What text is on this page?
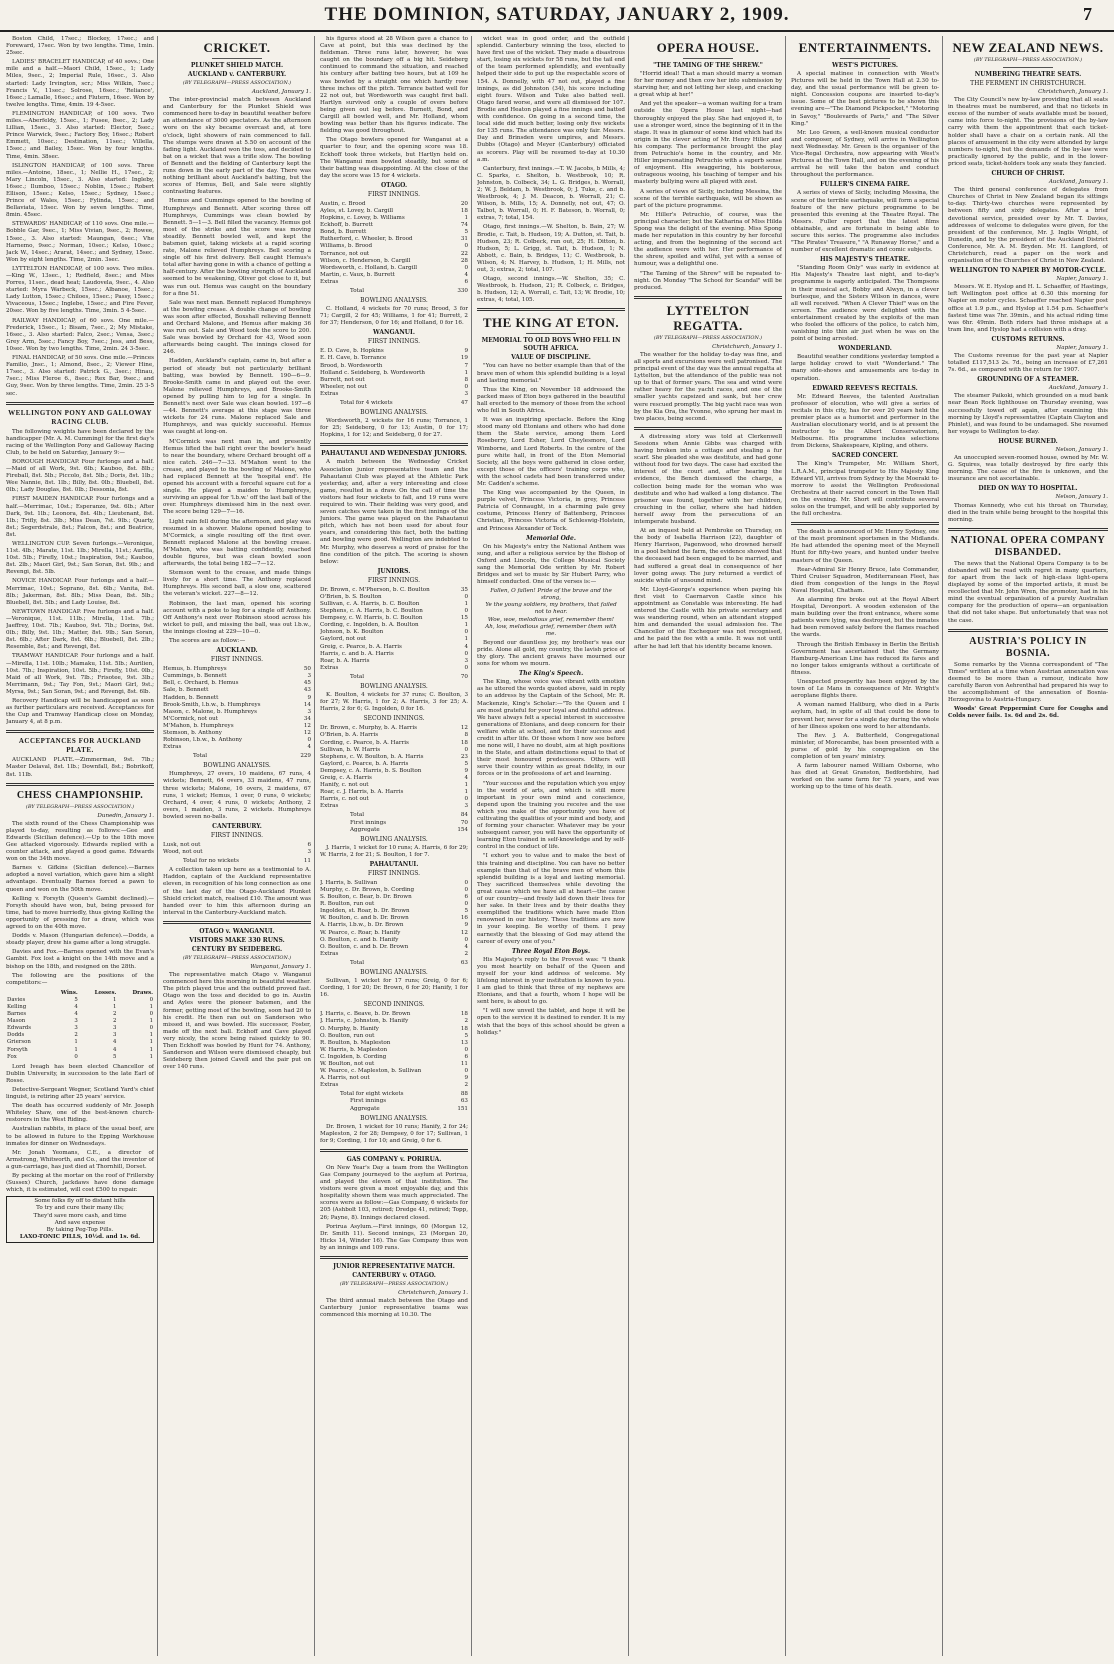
THE DOMINION, SATURDAY, JANUARY 2, 1909.	7
Boston Child, 17sec.; Blockey, 17sec.; and Foreward, 17sec. Won by two lengths. Time, 1min. 25sec.
LADIES' BRACELET HANDICAP, of 40 sovs.; One mile and a half.—Maori Child, 15sec., 1; Lady Miles, 9sec., 2; Imperial Rule, 16sec., 3. Also started: Lady Irvington, scr.; Miss Wilkin, 7sec.; Francis V., 11sec.; Solrose, 16sec.; 'Reliance', 16sec.; Lamalle, 16sec.; and Flutern, 16sec. Won by twelve lengths. Time, 4min. 19 4-5sec.
FLEMINGTON HANDICAP, of 100 sovs. Two miles.—Aberfeldy, 15sec., 1; Fusee, 8sec., 2; Lady Lillian, 15sec., 3. Also started: Elector, 5sec.; Prince Warwick, 9sec.; Factory Boy, 16sec.; Robert Emmett, 10sec.; Destination, 11sec.; Villella, 15sec.; and Bailey, 15sec. Won by four lengths. Time, 4min. 38sec.
ISLINGTON HANDICAP, of 100 sovs. Three miles.—Antoine, 18sec., 1; Nellie H., 17sec., 2; Mary Lincoln, 15sec., 3. Also started: Ingleby, 16sec.; Ilumboo, 15sec.; Noblin, 15sec.; Robert Ellison, 15sec.; Kelso, 15sec.; Sydney, 15sec.; Prince of Wales, 15sec.; Fylinda, 15sec.; and Bellaviata, 15sec. Won by seven lengths. Time, 8min. 45sec.
STEWARDS' HANDICAP, of 110 sovs. One mile.—Bobble Gar, 9sec., 1; Miss Vivian, 9sec., 2; Rowee, 15sec., 3. Also started: Maungan, 6sec.; Vhe Harnemo, 9sec.; Norman, 10sec.; Kelso, 10sec.; Jack W., 14sec.; Ararat, 14sec.; and Sydney, 15sec. Won by eight lengths. Time, 2min. 3sec.
LYTTELTON HANDICAP, of 100 sovs. Two miles.—King W., 13sec., 1; Redfield, 8sec.; and Miss Forres, 11sec., dead heat; Laudovela, 9sec., 4. Also started: Myra Warbeck, 15sec.; Albanoe, 15sec.; Lady Lutton, 15sec.; Chiloes, 15sec.; Passy, 15sec.; Vivaceous, 15sec.; Inglebe, 15sec.; and Fire Fever, 20sec. Won by five lengths. Time, 3min. 5 4-5sec.
RAILWAY HANDICAP, of 60 sovs. One mile.—Frederick, 15sec., 1; Bisam, 7sec., 2; My Mistake, 16sec., 3. Also started: Falco, 2sec.; Vensa, 3sec.; Grey Arm, 5sec.; Fancy Boy, 7sec.; Jess, and Bess, 10sec. Won by two lengths. Time, 2min. 24 3-5sec.
FINAL HANDICAP, of 50 sovs. One mile.—Princes Familio, Jnsc., 1; Almond, 8sec., 2; Viewer Hine, 17sec., 3. Also started: Patrick G., 3sec.; Hinau, 7sec.; Miss Fleroe 6., 8sec.; Rex Bar, 9sec.; and Guy, 9sec. Won by three lengths. Time, 2min. 25 3-5 sec.
WELLINGTON PONY AND GALLOWAY RACING CLUB.
The following weights have been declared by the handicapper (Mr. A. M. Cumming) for the first day's racing of the Wellington Pony and Galloway Racing Club, to be held on Saturday, January 9:—
BOROUGH HANDICAP. Four furlongs and a half.—Maid of all Work, 9st. 6lb.; Kauboo, 8st. 8lb.; Fireball, 8st. 5lb.; Piccolo, 8st. 5lb.; Doris, 8st. 1lb.; Wee Nannie, 8st. 1lb.; Billy, 8st. 0lb.; Bluebell, 8st. 0lb.; Lady Douglas, 8st. 0lb.; Dessonia, 8st.
FIRST MAIDEN HANDICAP. Four furlongs and a half.—Merrimac, 10st.; Esperanze, 9st. 6lb.; After Dark, 9st. 1lb.; Leonora, 8st. 4lb.; Lieutenant, 8st. 1lb.; Trifly, 8st. 3lb.; Miss Dean, 7st. 9lb.; Quarty, 8st.; Segerdstrale, 8st.; Falcon, 8st.; and Beatrice, 8st.
WELLINGTON CUP. Seven furlongs.—Veronique, 11st. 4lb.; Marate, 11st. 1lb.; Mirella, 11st.; Aurilla, 10st. 5lb.; Firefly, 10st.; Inspiration, 9st.; Kauboo, 8st. 2lb.; Maori Girl, 9st.; San Soran, 8st. 9lb.; and Revengi, 8st. 5lb.
NOVICE HANDICAP. Four furlongs and a half.—Merrimac, 10st.; Soprano, 8st. 6lb.; Vanita, 8st. 8lb.; Jakerman, 8st. 8lb.; Miss Dean, 8st. 5lb.; Bluebell, 8st. 5lb.; and Lady Louise, 8st.
NEWTOWN HANDICAP. Five furlongs and a half.—Veronique, 11st. 11lb.; Mirella, 11st. 7lb.; Jaeffrey, 10st. 7lb.; Kauboo, 9st. 7lb.; Dorins, 9st. 0lb.; Billy, 9st. 1lb.; Matter, 8st. 9lb.; San Soran, 8st. 6lb.; After Dark, 8st. 6lb.; Bluebell, 8st. 2lb.; Resemble, 8st.; and Revengi, 8st.
TRAMWAY HANDICAP. Four furlongs and a half.—Mirella, 11st. 10lb.; Mamaku, 11st. 5lb.; Aurilien, 10st. 7lb.; Inspiration, 10st. 5lb.; Firefly, 10st. 0lb.; Maid of all Work, 9st. 7lb.; Frisotee, 9st. 3lb.; Merrimann, 9st.; Tay Fon, 9st.; Maori Girl, 9st.; Myrsa, 9st.; San Soran, 9st.; and Revengi, 8st. 6lb.
Recovery Handicap will be handicapped as soon as further particulars are received. Acceptances for the Cup and Tramway Handicap close on Monday, January 4, at 8 p.m.
ACCEPTANCES FOR AUCKLAND PLATE.
AUCKLAND PLATE.—Zimmerman, 9st. 7lb.; Master Delaval, 8st. 1lb.; Downfall, 8st.; Bobrikoff, 8st. 11lb.
CHESS CHAMPIONSHIP.
(BY TELEGRAPH—PRESS ASSOCIATION.)
Dunedin, January 1.
The sixth round of the Chess Championship was played to-day, resulting as follows:—Gee and Edwards (Sicilian defence).—Up to the 18th move Gee attacked vigorously. Edwards replied with a counter attack, and played a good game. Edwards won on the 34th move.
Barnes v. Gifkins (Sicilian defence).—Barnes adopted a novel variation, which gave him a slight advantage. Eventually Barnes forced a pawn to queen and won on the 50th move.
Kelling v. Forsyth (Queen's Gambit declined).—Forsyth should have won, but, being pressed for time, had to move hurriedly, thus giving Kelling the opportunity of pressing for a draw, which was agreed to on the 40th move.
Dodds v. Mason (Hungarian defence).—Dodds, a steady player, drew his game after a long struggle.
Davies and Fox.—Barnes opened with the Evan's Gambit. Fox lost a knight on the 14th move and a bishop on the 18th, and resigned on the 28th.
The following are the positions of the competitors:—
	Wins.	Losses.	Draws.
Davies	5	1	0
Kelling	4	1	1
Barnes	4	2	0
Mason	3	2	1
Edwards	3	3	0
Dodds	2	3	1
Grierson	1	4	1
Forsyth	1	4	1
Fox	0	5	1
Lord Iveagh has been elected Chancellor of Dublin University, in succession to the late Earl of Rosse.
Detective-Sergeant Wegner, Scotland Yard's chief linguist, is retiring after 25 years' service.
The death has occurred suddenly of Mr. Joseph Whiteley Shaw, one of the best-known church-restorers in the West Riding.
Australian rabbits, in place of the usual beef, are to be allowed in future to the Epping Workhouse inmates for dinner on Wednesdays.
Mr. Jonah Yeomans, C.E., a director of Armstrong, Whitworth, and Co., and the inventor of a gun-carriage, has just died at Thornhill, Dorset.
By pecking at the mortar on the roof of Frillersby (Sussex) Church, jackdaws have done damage which, it is estimated, will cost £500 to repair.
Some folks fly off to distant hills
To try and cure their many ills;
They'd save more cash, and time
And save expense
By taking Peg-Top Pills.
LAXO-TONIC PILLS, 10½d. and 1s. 6d.
CRICKET.
PLUNKET SHIELD MATCH.
AUCKLAND v. CANTERBURY.
(BY TELEGRAPH—PRESS ASSOCIATION.)
Auckland, January 1.
The inter-provincial match between Auckland and Canterbury for the Plunket Shield was commenced here to-day in beautiful weather before an attendance of 3000 spectators. As the afternoon wore on the sky became overcast and, at tore o'clock, light showers of rain commenced to fall. The stumps were drawn at 5.50 on account of the fading light. Auckland won the toss, and decided to bat on a wicket that was a trifle slow. The bowling of Bennett and the fielding of Canterbury kept the runs down in the early part of the day. There was nothing brilliant about Auckland's batting, but the scores of Hemus, Bell, and Sale were slightly contrasting features.
Hemus and Cummings opened to the bowling of Humphreys and Bennett. After scoring three off Humphreys, Cummings was clean bowled by Bennett. 5—1—3. Bell filled the vacancy. Hemus got most of the strike and the score was moving steadily. Bennett bowled well, and kept the batsmen quiet, taking wickets at a rapid scoring rate, Malone relieved Humphreys. Bell scoring a single off his first delivery. Bell caught Hemus's total after having gone in with a chance of getting a half-century. After the bowling strength of Auckland seemed to be weakening, Oliver got close to it, but was run out. Hemus was caught on the boundary for a fine 51.
Sale was next man. Bennett replaced Humphreys at the bowling crease. A double change of bowling was soon after effected, Boxshall relieving Bennett and Orchard Malone, and Hemus after making 36 was run out. Sale and Wood took the score to 200. Sale was bowled by Orchard for 43, Wood soon afterwards being caught. The innings closed for 246.
Hadden, Auckland's captain, came in, but after a period of steady but not particularly brilliant batting, was bowled by Bennett. 190—6—9. Brooke-Smith came in and played out the over. Malone relieved Humphreys, and Brooke-Smith opened by pulling him to leg for a single. In Bennett's next over Sale was clean bowled. 197—6—44. Bennett's average at this stage was three wickets for 24 runs. Malone replaced Sale and Humphreys, and was quickly successful. Hemus was caught at long-on.
M'Cormick was next man in, and presently Hemus lifted the ball right over the bowler's head to near the boundary, where Orchard brought off a nice catch. 246—7—33. M'Mahon went to the crease, and played to the bowling of Malone, who had replaced Bennett at the 'hospital end'. He opened his account with a forceful square cut for a single. He played a maiden to Humphreys, surviving an appeal for 'l.b.w.' off the last ball of the over. Humphreys dismissed him in the next over. The score being 129—7—16.
Light rain fell during the afternoon, and play was resumed in a shower. Malone opened bowling to M'Cormick, a single resulting off the first over. Bennett replaced Malone at the bowling crease. M'Mahon, who was batting confidently, reached double figures, but was clean bowled soon afterwards, the total being 182—7—12.
Stemson went to the crease, and made things lively for a short time. The Anthony replaced Humphreys. His second ball, a slow one, scattered the veteran's wicket. 227—8—12.
Robinson, the last man, opened his scoring account with a poke to leg for a single off Anthony. Off Anthony's next over Robinson stood across his wicket to pull, and missing the ball, was out l.b.w., the innings closing at 229—10—0.
The scores are as follow:—
AUCKLAND.
FIRST INNINGS.
Hemus, b. Humphreys	50
Cummings, b. Bennett	3
Bell, c. Orchard, b. Hemus	45
Sale, b. Bennett	43
Hadden, b. Bennett	9
Brook-Smith, l.b.w., b. Humphreys	14
Mason, c. Malone, b. Humphreys	3
M'Cormick, not out	34
M'Mahon, b. Humphreys	12
Stemson, b. Anthony	12
Robinson, l.b.w., b. Anthony	0
Extras	4
Total	229
BOWLING ANALYSIS.
Humphreys, 27 overs, 10 maidens, 67 runs, 4 wickets; Bennett, 64 overs, 33 maidens, 47 runs, three wickets; Malone, 16 overs, 2 maidens, 67 runs, 1 wicket; Hemus, 1 over, 0 runs, 0 wickets; Orchard, 4 over, 4 runs, 0 wickets; Anthony, 2 overs, 1 maiden, 3 runs, 2 wickets. Humphreys bowled seven no-balls.
CANTERBURY.
FIRST INNINGS.
Lusk, not out	6
Wood, not out	3
Total for no wickets	11
A collection taken up here as a testimonial to A. Haddon, captain of the Auckland representative eleven, in recognition of his long connection as one of the last day of the Otago-Auckland Plunket Shield cricket match, realised £10. The amount was handed over to him this afternoon during an interval in the Canterbury-Auckland match.
OTAGO v. WANGANUI.
VISITORS MAKE 330 RUNS.
CENTURY BY SEIDEBERG.
(BY TELEGRAPH—PRESS ASSOCIATION.)
Wanganui, January 1.
The representative match Otago v. Wanganui commenced here this morning in beautiful weather. The pitch played true and the outfield proved fast. Otago won the toss and decided to go in. Austin and Ayles were the pioneer batsmen, and the former, getting most of the bowling, soon had 20 to his credit. He then ran out on Sanderson who missed it, and was bowled. His successor, Foster, made off the next ball. Eckhoff and Cave played very nicely, the score being raised quickly to 90. Then Eckhoff was bowled by Hunt for 74. Anthony, Sanderson and Wilson were dismissed cheaply, but Seideberg then joined Cavell and the pair put on over 140 runs.
his figures stood at 28 Wilson gave a chance to Cave at point, but this was declined by the fieldsman. Three runs later, however, he was caught on the boundary off a big hit. Seideberg continued to command the situation, and reached his century after batting two hours, but at 109 he was bowled by a straight one which hardly rose three inches off the pitch. Terrance batted well for 22 not out, but Wordsworth was caught first ball. Hartlyn survived only a couple of overs before being given out leg before. Burnett, Bond, and Cargill all bowled well, and Mr. Holland, whom bowling was better than his figures indicate. The fielding was good throughout.
The Otago bowlers opened for Wanganui at a quarter to four, and the opening score was 18. Eckhoff took three wickets, but Hartlyn held on. The Wanganui men bowled steadily, but some of their batting was disappointing. At the close of the day the score was 15 for 4 wickets.
OTAGO.
FIRST INNINGS.
Austin, c. Brood	20
Ayles, st. Lovey, b. Cargill	18
Hopkins, c. Lovey, b. Williams	1
Eckhoff, b. Burrett	74
Bond, b. Burrett	5
Rutherford, c. Wheeler, b. Brood	31
Williams, b. Brood	0
Torrance, not out	22
Wilson, c. Henderson, b. Cargill	28
Wordsworth, c. Holland, b. Cargill	0
Martin, c. Vaux, b. Burrett	4
Extras	6
Total	330
BOWLING ANALYSIS.
C. Holland, 4 wickets for 70 runs; Brood, 3 for 71; Cargill, 2 for 45; Williams, 1 for 41; Burrett, 2 for 37; Henderson, 0 for 16; and Holland, 0 for 16.
WANGANUI.
FIRST INNINGS.
E. D. Cave, b. Hopkins	9
E. H. Cave, b. Torrance	19
Brood, b. Wordsworth	7
Holland c. Seideberg, b. Wordsworth	1
Burrett, not out	8
Wheeler, not out	0
Extras	3
Total for 4 wickets	47
BOWLING ANALYSIS.
Wordsworth, 2 wickets for 16 runs; Torrance, 1 for 25; Seideberg, 0 for 13; Austin, 0 for 17; Hopkins, 1 for 12; and Seideberg, 0 for 27.
PAHAUTANUI AND WEDNESDAY JUNIORS.
A match between the Wednesday Cricket Association junior representative team and the Pahautanui Club was played at the Athletic Park yesterday, and, after a very interesting and close game, resulted in a draw. On the call of time the visitors had four wickets to fall, and 19 runs were required to win. Their fielding was very good, and seven catches were taken in the first innings of the Juniors. The game was played on the Pahautanui pitch, which has not been used for about four years, and considering this fact, both the batting and bowling were good. Wellington are indebted to Mr. Murphy, who deserves a word of praise for the fine condition of the pitch. The scoring is shown below:
JUNIORS.
FIRST INNINGS.
Dr. Brown, c. M'Pherson, b. C. Boulton	35
O'Brien, b. S. Boulton	0
Sullivan, c. A. Harris, b. C. Boulton	1
Stephens, c. A. Harris, b. C. Boulton	0
Dempsey, c. W. Harris, b. C. Boulton	15
Cording, c. Ingolden, b. A. Boulton	1
Johnson, b. K. Boulton	0
Gaylord, not out	1
Greig, c. Pearce, b. A. Harris	4
Harris, c. and b. A. Harris	0
Roar, b. A. Harris	3
Extras	0
Total	70
BOWLING ANALYSIS.
K. Boulton, 4 wickets for 37 runs; C. Boulton, 3 for 27; W. Harris, 1 for 2; A. Harris, 3 for 25; A. Harris, 2 for 6; G. Ingolden, 0 for 16.
SECOND INNINGS.
Dr. Brown, c. Murphy, b. A. Harris	12
O'Brien, b. A. Harris	8
Cording, c. Pearce, b. A. Harris	18
Sullivan, b. W. Harris	0
Stephens, c. W. Boulton, b. A. Harris	23
Gaylord, c. Pearce, b. A. Harris	5
Dempsey, c. A. Harris, b. S. Boulton	9
Greig, c. A. Harris	4
Hanify, c. not out	1
Roar, c. J. Harris, b. A. Harris	1
Harris, c. not out	0
Extras	3
Total	84
First innings	70
Aggregate	154
BOWLING ANALYSIS.
J. Harris, 1 wicket for 10 runs; A. Harris, 6 for 29; W. Harris, 2 for 21; S. Boulton, 1 for 7.
PAHAUTANUI.
FIRST INNINGS.
J. Harris, b. Sullivan	0
Murphy, c. Dr. Brown, b. Cording	0
S. Boulton, c. Bear, b. Dr. Brown	6
R. Boulton, run out	0
Ingolden, st. Roar, b. Dr. Brown	5
W. Boulton, c. and b. Dr. Brown	16
A. Harris, l.b.w., b. Dr. Brown	9
W. Pearce, c. Roar, b. Hanify	12
O. Boulton, c. and b. Hanify	0
O. Boulton, c. and b. Dr. Brown	4
Extras	2
Total	63
BOWLING ANALYSIS.
Sullivan, 1 wicket for 17 runs; Greig, 0 for 6; Cording, 1 for 20; Dr. Brown, 6 for 20; Hanify, 1 for 16.
SECOND INNINGS.
J. Harris, c. Beave, b. Dr. Brown	18
J. Harris, c. Johnston, b. Hanify	2
O. Murphy, b. Hanify	18
O. Boulton, run out	5
R. Boulton, b. Mapleston	13
W. Harris, b. Mapleston	0
C. Ingolden, b. Cording	6
W. Boulton, not out	11
W. Pearce, c. Mapleston, b. Sullivan	0
A. Harris, not out	9
Extras	2
Total for eight wickets	88
First innings	63
Aggregate	151
BOWLING ANALYSIS.
Dr. Brown, 1 wicket for 10 runs; Hanify, 2 for 24; Mapleston, 2 for 28; Dempsey, 0 for 17; Sullivan, 1 for 9; Cording, 1 for 10; and Greig, 0 for 6.
GAS COMPANY v. PORIRUA.
On New Year's Day a team from the Wellington Gas Company journeyed to the asylum at Porirua, and played the eleven of that institution. The visitors were given a most enjoyable day, and this hospitality shown them was much appreciated. The scores were as follow:—Gas Company, 6 wickets for 205 (Ashbolt 103, retired; Dredge 41, retired; Topp, 26; Payne, 8). Innings declared closed.
Porirua Asylum.—First innings, 60 (Morgan 12, Dr. Smith 11). Second innings, 23 (Morgan 20, Hicks 14, Winder 16). The Gas Company thus won by an innings and 109 runs.
JUNIOR REPRESENTATIVE MATCH.
CANTERBURY v. OTAGO.
(BY TELEGRAPH—PRESS ASSOCIATION.)
Christchurch, January 1.
The third annual match between the Otago and Canterbury junior representative teams was commenced this morning at 10.30. The
wicket was in good order, and the outfield splendid. Canterbury winning the toss, elected to have first use of the wicket. They made a disastrous start, losing six wickets for 58 runs, but the tail end of the team performed splendidly, and eventually helped their side to put up the respectable score of 154. A. Donnelly, with 47 not out, played a fine innings, as did Johnston (34), his score including eight fours. Wilson and Tuke also batted well. Otago fared worse, and were all dismissed for 107. Brodie and Heaton played a fine innings and batted with confidence. On going in a second time, the local side did much better, losing only five wickets for 135 runs. The attendance was only fair. Messrs. Day and Brinsden were umpires, and Messrs. Dubbs (Otago) and Meyer (Canterbury) officiated as scorers. Play will be resumed to-day at 10.30 a.m.
Canterbury, first innings.—T. W. Jacobs, b Mills, 4; C. Sparks, c. Shelton, b. Westbrook, 10; R. Johnston, b. Colbeck, 34; L. G. Bridges, b. Worrall, 2; W. J. Beldam, b. Westbrook, 0; J. Tuke, c. and b. Westbrook, 4; J. M. Deacon, b. Worrall, 21; C. Wilson, b. Mills, 15; A. Donnelly, not out, 47; O. Talbot, b. Worrall, 0; H. F. Bateson, b. Worrall, 0; extras, 7; total, 154.
Otago, first innings.—W. Shelton, b. Bain, 27; W. Brodie, c. Tait, b. Hudson, 19; A. Dutton, st. Tait, b. Hudson, 23; R. Colbeck, run out, 25; H. Ditton, b. Hudson, 5; L. Grigg, st. Tait, b. Hudson, 1; N. Abbott, c. Bain, b. Bridges, 11; C. Westbrook, b. Wilson, 4; N. Harvey, b. Hudson, 1; H. Mills, not out, 3; extras, 2; total, 107.
Otago, second innings.—W. Shelton, 35; C. Westbrook, b. Hudson, 21; R. Colbeck, c. Bridges, b. Hudson, 12; A. Worrall, c. Tait, 13; W. Brodie, 10; extras, 4; total, 105.
THE KING AT ETON.
MEMORIAL TO OLD BOYS WHO FELL IN SOUTH AFRICA.
VALUE OF DISCIPLINE.
"You can have no better example than that of the brave men of whom this splendid building is a loyal and lasting memorial."
Thus the King, on November 18 addressed the packed mass of Eton boys gathered in the beautiful hall erected to the memory of those from the school who fell in South Africa.
It was an inspiring spectacle. Before the King stood many old Etonians and others who had done them the State service, among them Lord Roseberry, Lord Esher, Lord Cheylesmore, Lord Wimborne, and Lord Roberts. In the centre of the pure white hall, in front of the Eton Memorial Society, all the boys were gathered in close order, except those of the officers' training corps who, with the school cadets had been transferred under Mr. Cadden's scheme.
The King was accompanied by the Queen, in purple velvet, Princess Victoria, in grey, Princess Patricia of Connaught, in a charming pale grey costume, Princess Henry of Battenberg, Princess Christian, Princess Victoria of Schleswig-Holstein, and Princess Alexander of Teck.
Memorial Ode.
On his Majesty's entry the National Anthem was sung, and after a religious service by the Bishop of Oxford and Lincoln, the College Musical Society sang the Memorial Ode written by Mr. Robert Bridges and set to music by Sir Hubert Parry, who himself conducted. One of the verses is:—
Fallen, O fallen! Pride of the brave and the strong,
Ye the young soldiers, my brothers, that failed not to hear.
Woe, woe, melodious grief, remember them!
Ah, low, melodious grief, remember them with me.
Beyond our dauntless joy, my brother's was our pride. Alone all gold, my country, the lavish price of thy glory. The ancient graves have mourned our sons for whom we mourn.
The King's Speech.
The King, whose voice was vibrant with emotion as he uttered the words quoted above, said in reply to an address by the Captain of the School, Mr. R. Mackenzie, King's Scholar:—"To the Queen and I are most grateful for your loyal and dutiful address. We have always felt a special interest in successive generations of Etonians, and deep concern for their welfare while at school, and for their success and credit in after life. Of those whom I now see before me none will, I have no doubt, aim at high positions in the State, and attain distinctions equal to that of their most honoured predecessors. Others will serve their country within as great fidelity, in our forces or in the professions of art and learning.
"Your success and the reputation which you enjoy in the world of arts, and which is still more important in your own mind and conscience, depend upon the training you receive and the use which you make of the opportunity you have of cultivating the qualities of your mind and body, and of forming your character. Whatever may be your subsequent career, you will have the opportunity of learning Eton trained in self-knowledge and by self-control in the conduct of life.
"I exhort you to value and to make the best of this training and discipline. You can have no better example than that of the brave men of whom this splendid building is a loyal and lasting memorial. They sacrificed themselves while devoting the great cause which we have all at heart—the cause of our country—and freely laid down their lives for her sake. In their lives and by their deaths they exemplified the traditions which have made Eton renowned in our history. These traditions are now in your keeping. Be worthy of them. I pray earnestly that the blessing of God may attend the career of every one of you."
Three Royal Eton Boys.
His Majesty's reply to the Provost was: "I thank you most heartily on behalf of the Queen and myself for your kind address of welcome. My lifelong interest in your institution is known to you. I am glad to think that three of my nephews are Etonians, and that a fourth, whom I hope will be sent here, is about to go.
"I will now unveil the tablet, and hope it will be open to the service it is destined to render. It is my wish that the boys of this school should be given a holiday."
OPERA HOUSE.
"THE TAMING OF THE SHREW."
"Horrid ideal! That a man should marry a woman for her money and then cow her into submission by starving her, and not letting her sleep, and cracking a great whip at her!"
And yet the speaker—a woman waiting for a tram outside the Opera House last night—had thoroughly enjoyed the play. She had enjoyed it, to use a stronger word, since the beginning of it in the stage. It was in glamour of some kind which had its origin in the clever acting of Mr. Henry Hiller and his company. The performance brought the play from Petruchio's home in the country, and Mr. Hiller impersonating Petruchio with a superb sense of enjoyment. His swaggering, his boisterous, outrageous wooing, his teaching of temper and his masterly bullying were all played with zest.
A series of views of Sicily, including Messina, the scene of the terrible earthquake, will be shown as part of the picture programme.
Mr. Hiller's Petruchio, of course, was the principal character; but the Katharina of Miss Hilda Spong was the delight of the evening. Miss Spong made her reputation in this country by her forceful acting, and from the beginning of the second act the audience were with her. Her performance of the shrew, spoiled and wilful, yet with a sense of humour, was a delightful one.
"The Taming of the Shrew" will be repeated to-night. On Monday "The School for Scandal" will be produced.
LYTTELTON REGATTA.
(BY TELEGRAPH—PRESS ASSOCIATION.)
Christchurch, January 1.
The weather for the holiday to-day was fine, and all sports and excursions were well patronised. The principal event of the day was the annual regatta at Lyttelton, but the attendance of the public was not up to that of former years. The sea and wind were rather heavy for the yacht races, and one of the smaller yachts capsized and sank, but her crew were rescued promptly. The big yacht race was won by the Kia Ora, the Yvonne, who sprung her mast in two places, being second.
A distressing story was told at Clerkenwell Sessions when Annie Gibbs was charged with having broken into a cottage and stealing a fur scarf. She pleaded she was destitute, and had gone without food for two days. The case had excited the interest of the court and, after hearing the evidence, the Bench dismissed the charge, a collection being made for the woman who was destitute and who had walked a long distance. The prisoner was found, together with her children, crouching in the cellar, where she had hidden herself away from the persecutions of an intemperate husband.
At an inquest held at Pembroke on Thursday, on the body of Isabella Harrison (22), daughter of Henry Harrison, Pagenwood, who drowned herself in a pool behind the farm, the evidence showed that the deceased had been engaged to be married, and had suffered a great deal in consequence of her lover going away. The jury returned a verdict of suicide while of unsound mind.
Mr. Lloyd-George's experience when paying his first visit to Caernarvon Castle since his appointment as Constable was interesting. He had entered the Castle with his private secretary and was wandering round, when an attendant stopped him and demanded the usual admission fee. The Chancellor of the Exchequer was not recognised, and he paid the fee with a smile. It was not until after he had left that his identity became known.
ENTERTAINMENTS.
WEST'S PICTURES.
A special matinee in connection with West's Pictures will be held in the Town Hall at 2.30 to-day, and the usual performance will be given to-night. Concession coupons are inserted to-day's issue. Some of the best pictures to be shown this evening are—"The Diamond Pickpocket," "Motoring in Savoy," "Boulevards of Paris," and "The Silver King."
Mr. Leo Green, a well-known musical conductor and composer, of Sydney, will arrive in Wellington next Wednesday. Mr. Green is the organiser of the Vice-Regal Orchestra, now appearing with West's Pictures at the Town Hall, and on the evening of his arrival he will take the baton and conduct throughout the performance.
FULLER'S CINEMA FAIRE.
A series of views of Sicily, including Messina, the scene of the terrible earthquake, will form a special feature of the new picture programme to be presented this evening at the Theatre Royal. The Messrs. Fuller report that the latest films obtainable, and are fortunate in being able to secure this series. The programme also includes "The Pirates' Treasure," "A Runaway Horse," and a number of excellent dramatic and comic subjects.
HIS MAJESTY'S THEATRE.
"Standing Room Only" was early in evidence at His Majesty's Theatre last night, and to-day's programme is eagerly anticipated. The Thompsons in their musical act, Bobby and Alwyn, in a clever burlesque, and the Sisters Wilson in dances, were all well received. "When A Clever Thief" was on the screen. The audience were delighted with the entertainment created by the exploits of the man who fooled the officers of the police, to catch him, vanishing into thin air just when he was on the point of being arrested.
WONDERLAND.
Beautiful weather conditions yesterday tempted a large holiday crowd to visit "Wonderland." The many side-shows and amusements are to-day in operation.
EDWARD REEVES'S RECITALS.
Mr. Edward Reeves, the talented Australian professor of elocution, who will give a series of recitals in this city, has for over 20 years held the premier place as a humorist and performer in the Australian elocutionary world, and is at present the instructor to the Albert Conservatorium, Melbourne. His programme includes selections from Dickens, Shakespeare, Kipling, and others.
SACRED CONCERT.
The King's Trumpeter, Mr. William Short, L.R.A.M., principal trumpeter to His Majesty King Edward VII, arrives from Sydney by the Moeraki to-morrow to assist the Wellington Professional Orchestra at their sacred concert in the Town Hall on the evening. Mr. Short will contribute several solos on the trumpet, and will be ably supported by the full orchestra.
The death is announced of Mr. Henry Sydney, one of the most prominent sportsmen in the Midlands. He had attended the opening meet of the Meynell Hunt for fifty-two years, and hunted under twelve masters of the Queen.
Rear-Admiral Sir Henry Bruce, late Commander, Third Cruiser Squadron, Mediterranean Fleet, has died from congestion of the lungs in the Royal Naval Hospital, Chatham.
An alarming fire broke out at the Royal Albert Hospital, Devonport. A wooden extension of the main building over the front entrance, where some patients were lying, was destroyed, but the inmates had been removed safely before the flames reached the wards.
Through the British Embassy in Berlin the British Government has ascertained that the Germany Hamburg-American Line has reduced its fares and no longer takes emigrants without a certificate of fitness.
Unexpected prosperity has been enjoyed by the town of Le Mans in consequence of Mr. Wright's aeroplane flights there.
A woman named Haliburg, who died in a Paris asylum, had, in spite of all that could be done to prevent her, never for a single day during the whole of her illness spoken one word to her attendants.
The Rev. J. A. Butterfield, Congregational minister, of Morecambe, has been presented with a purse of gold by his congregation on the completion of ten years' ministry.
A farm labourer named William Osborne, who has died at Great Granston, Bedfordshire, had worked on the same farm for 73 years, and was working up to the time of his death.
NEW ZEALAND NEWS.
(BY TELEGRAPH—PRESS ASSOCIATION.)
NUMBERING THEATRE SEATS.
THE FERMENT IN CHRISTCHURCH.
Christchurch, January 1.
The City Council's new by-law providing that all seats in theatres must be numbered, and that no tickets in excess of the number of seats available must be issued, came into force to-night. The provisions of the by-law carry with them the appointment that each ticket-holder shall have a chair on a certain rank. All the places of amusement in the city were attended by large numbers to-night, but the demands of the by-law were practically ignored by the public, and in the lower-priced seats, ticket-holders took any seats they fancied.
CHURCH OF CHRIST.
Auckland, January 1.
The third general conference of delegates from Churches of Christ in New Zealand began its sittings to-day. Thirty-two churches were represented by between fifty and sixty delegates. After a brief devotional service, presided over by Mr. T. Davies, addresses of welcome to delegates were given, for the president of the conference, Mr. J. Inglis Wright, of Dunedin, and by the president of the Auckland District Conference, Mr. A. M. Bryden. Mr. H. Langford, of Christchurch, read a paper on the work and organisation of the Churches of Christ in New Zealand.
WELLINGTON TO NAPIER BY MOTOR-CYCLE.
Napier, January 1.
Messrs. W. E. Hyslop and H. L. Schaeffer, of Hastings, left Wellington post office at 6.30 this morning for Napier on motor cycles. Schaeffer reached Napier post office at 1.9 p.m., and Hyslop at 1.54 p.m. Schaeffer's fastest time was 7hr. 39min., and his actual riding time was 6hr. 49min. Both riders had three mishaps at a tram line, and Hyslop had a collision with a dray.
CUSTOMS RETURNS.
Napier, January 1.
The Customs revenue for the past year at Napier totalled £117,513 2s. 7d., being an increase of £7,261 7s. 6d., as compared with the return for 1907.
GROUNDING OF A STEAMER.
Auckland, January 1.
The steamer Paikoki, which grounded on a mud bank near Bean Rock lighthouse on Thursday evening, was successfully towed off again, after examining this morning by Lloyd's representative (Captain Clayton and Phinlet), and was found to be undamaged. She resumed her voyage to Wellington to-day.
HOUSE BURNED.
Nelson, January 1.
An unoccupied seven-roomed house, owned by Mr. W. G. Squires, was totally destroyed by fire early this morning. The cause of the fire is unknown, and the insurance are not ascertainable.
DIED ON WAY TO HOSPITAL.
Nelson, January 1.
Thomas Kennedy, who cut his throat on Thursday, died in the train while being brought to the hospital this morning.
NATIONAL OPERA COMPANY DISBANDED.
The news that the National Opera Company is to be disbanded will be read with regret in many quarters, for apart from the lack of high-class light-opera displayed by some of the imported artists, it must be recollected that Mr. John Wren, the promoter, had in his mind the eventual organisation of a purely Australian company for the production of opera—an organisation that did not take shape. But unfortunately that was not the case.
AUSTRIA'S POLICY IN BOSNIA.
Some remarks by the Vienna correspondent of "The Times" written at a time when Austrian annexation was deemed to be more than a rumour, indicate how carefully Baron von Aehrenthal had prepared his way to the accomplishment of the annexation of Bosnia-Herzegovina to Austria-Hungary.
Woods' Great Peppermint Cure for Coughs and Colds never fails. 1s. 6d and 2s. 6d.
